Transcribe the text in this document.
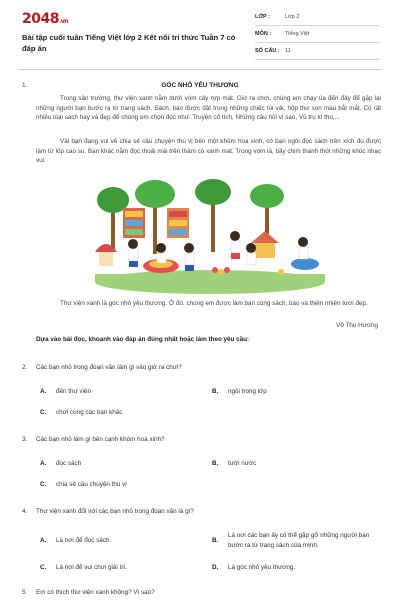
2048.vn
Bài tập cuối tuần Tiếng Việt lớp 2 Kết nối tri thức Tuần 7 có đáp án
LỚP :	Lớp 2
MÔN :	Tiếng Việt
SỐ CÂU : 11
1.	GÓC NHỎ YÊU THƯƠNG

Trong sân trường, thư viện xanh nằm dưới vòm cây rợp mát. Giờ ra chơi, chúng em chạy ùa đến đây để gặp lại những người bạn bước ra từ trang sách. Sách, báo được đặt trong những chiếc túi vải, hộp thư son màu bắt mắt. Có rất nhiều loại sách hay và đẹp để chúng em chọn đọc như: Truyện cổ tích, Những câu hỏi vì sao, Vũ trụ kì thú,...

Vài bạn đang vui vẻ chia sẻ câu chuyện thú vị bên một khóm hoa xinh, có bạn ngồi đọc sách trên xích đu được làm từ lốp cao su. Bạn khác nằm đọc thoải mái trên thảm cỏ xanh mát. Trong vòm lá, bầy chim thánh thót những khúc nhạc vui.

Thư viện xanh là góc nhỏ yêu thương. Ở đó, chúng em được làm bạn cùng sách, báo và thiên nhiên tươi đẹp.

Võ Thu Hương
Dựa vào bài đọc, khoanh vào đáp án đúng nhất hoặc làm theo yêu cầu:
2. Các bạn nhỏ trong đoạn văn làm gì vào giờ ra chơi?
A. đến thư viện	B. ngồi trong lớp
C. chơi cùng các bạn khác
3. Các bạn nhỏ làm gì bên cạnh khóm hoa xinh?
A. đọc sách	B. tưới nước
C. chia sẻ câu chuyện thú vị
4. Thư viện xanh đối với các bạn nhỏ trong đoạn văn là gì?
A. Là nơi để đọc sách.	B.
Là nơi các bạn ấy có thể gặp gỡ những người bạn bước ra từ trang sách của mình.
C. Là nơi để vui chơi giải trí.	D. Là góc nhỏ yêu thương.
5. Em có thích thư viện xanh không? Vì sao?
